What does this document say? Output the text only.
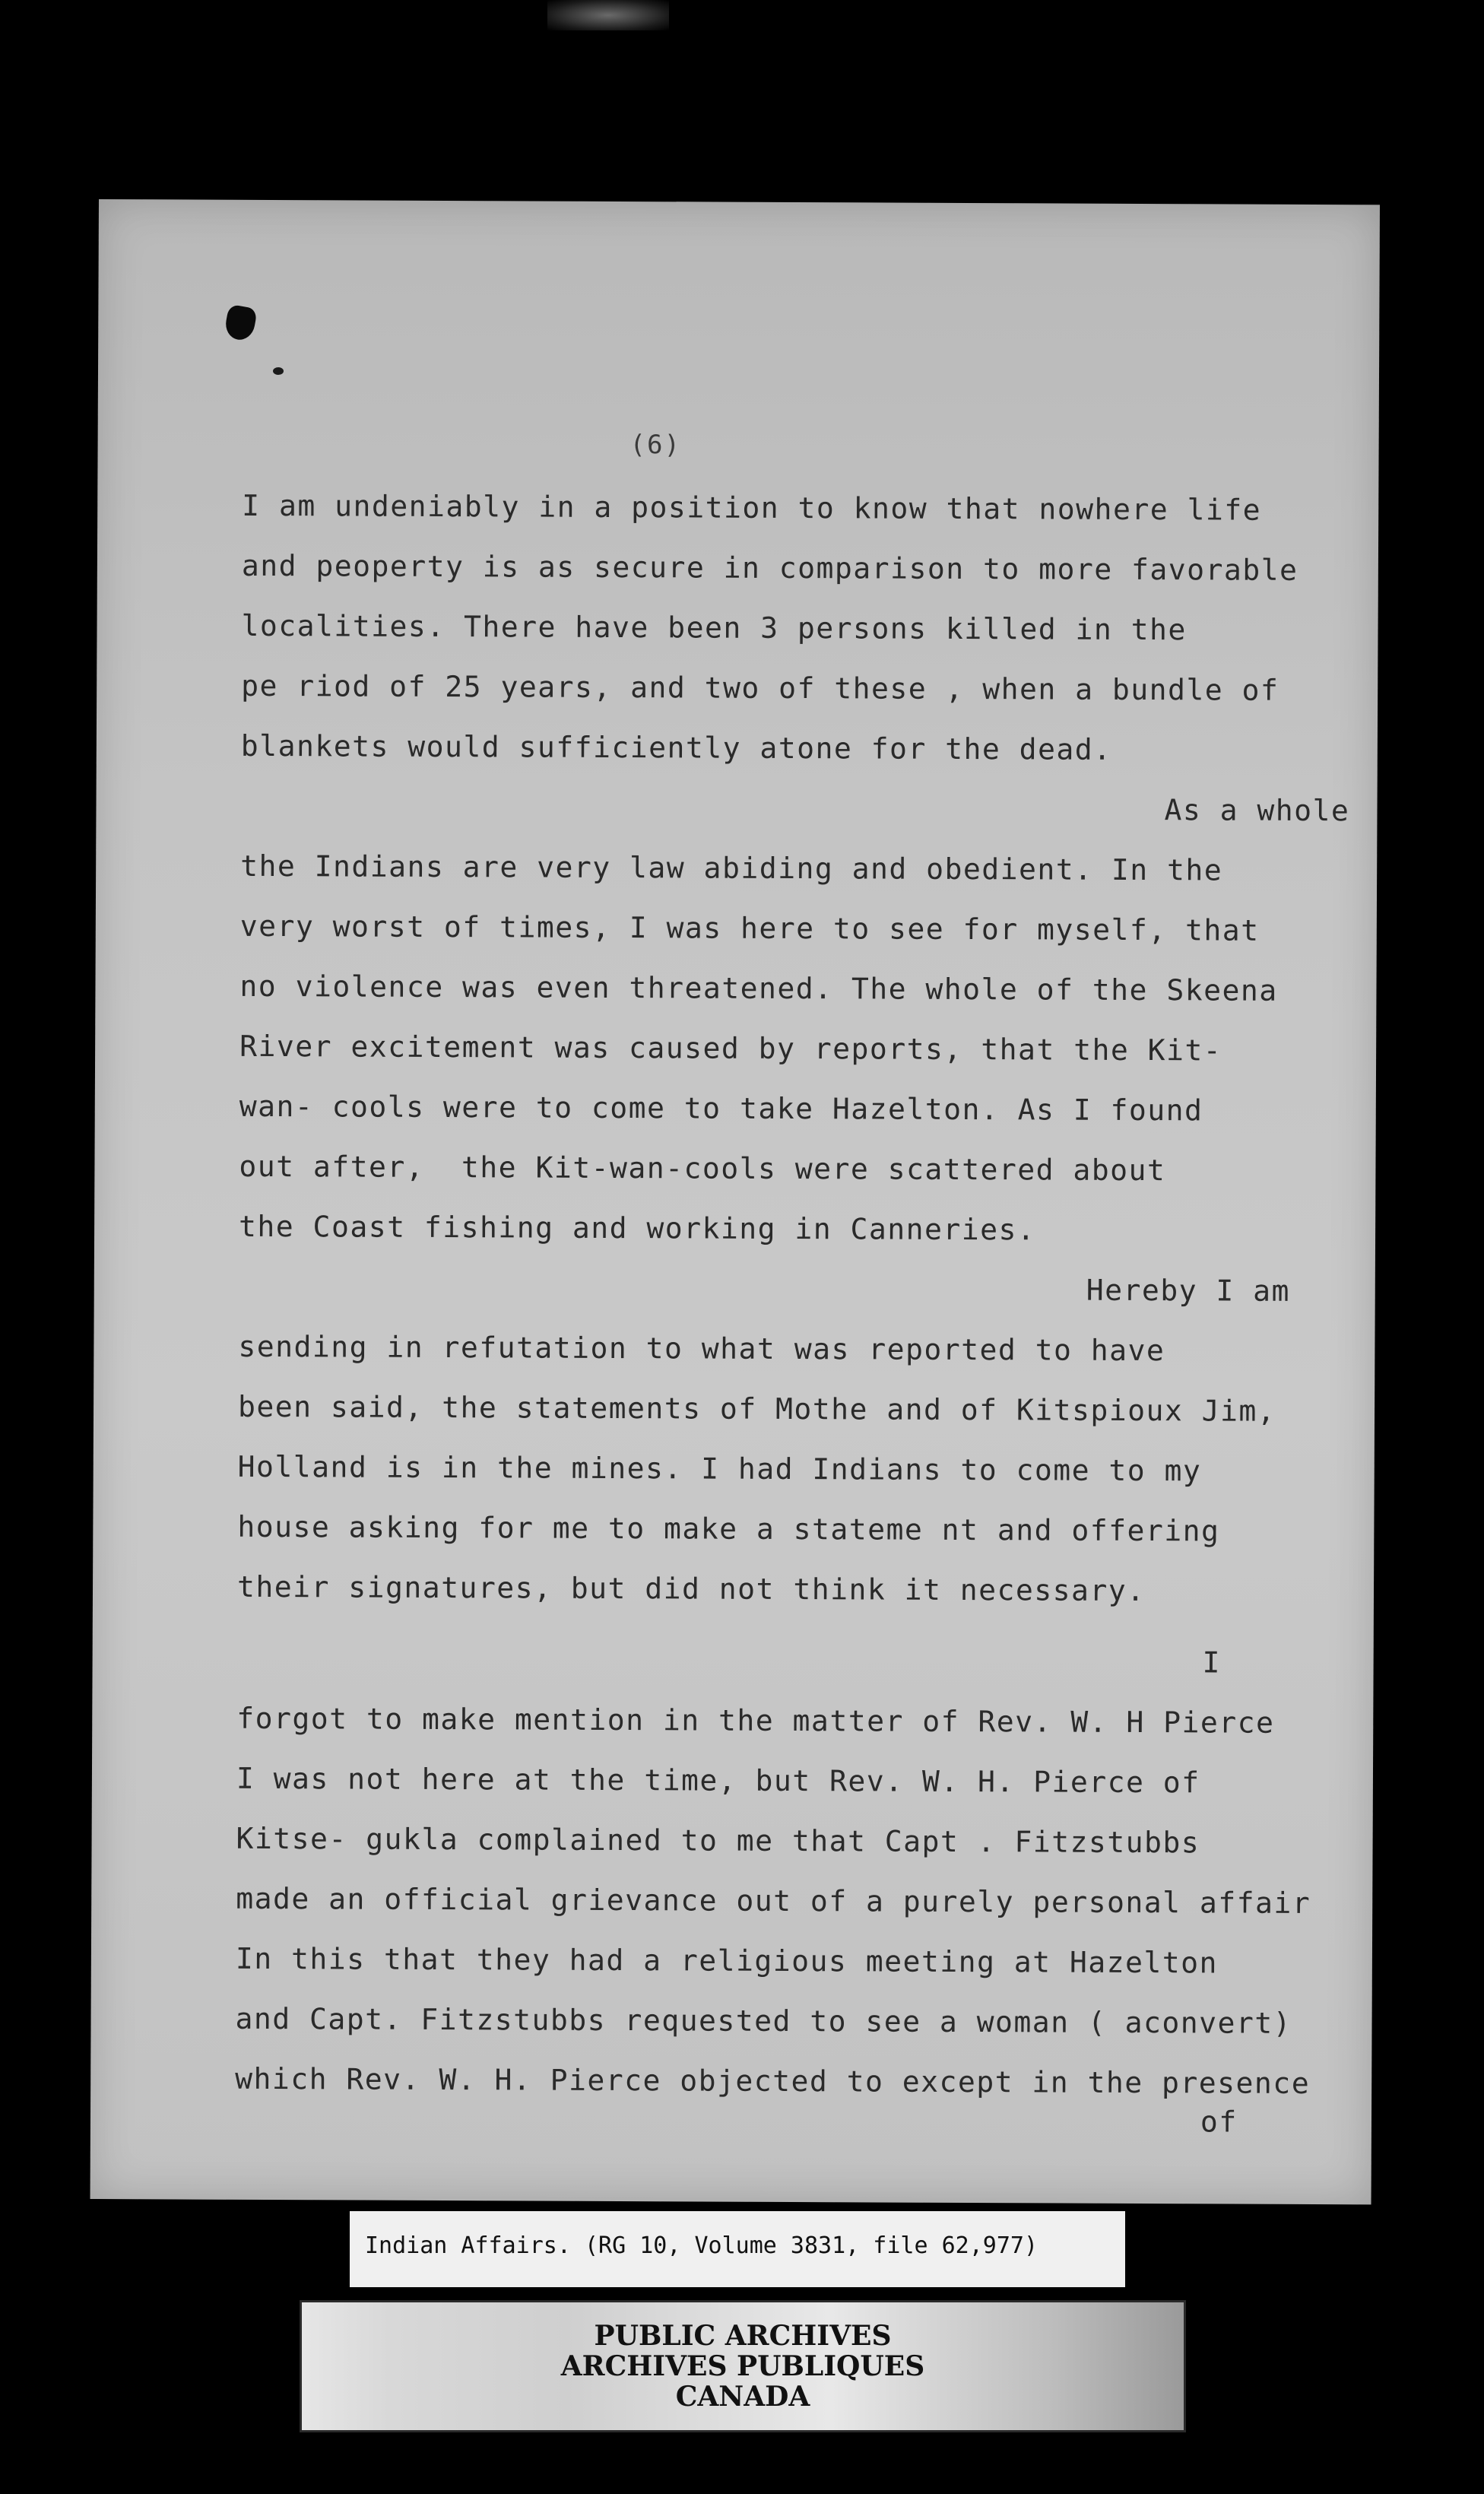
(6)
I am undeniably in a position to know that nowhere life
and peoperty is as secure in comparison to more favorable
localities. There have been 3 persons killed in the
pe riod of 25 years, and two of these , when a bundle of
blankets would sufficiently atone for the dead.
As a whole
the Indians are very law abiding and obedient. In the
very worst of times, I was here to see for myself, that
no violence was even threatened. The whole of the Skeena
River excitement was caused by reports, that the Kit-
wan- cools were to come to take Hazelton. As I found
out after,  the Kit-wan-cools were scattered about
the Coast fishing and working in Canneries.
Hereby I am
sending in refutation to what was reported to have
been said, the statements of Mothe and of Kitspioux Jim,
Holland is in the mines. I had Indians to come to my
house asking for me to make a stateme nt and offering
their signatures, but did not think it necessary.
I
forgot to make mention in the matter of Rev. W. H Pierce
I was not here at the time, but Rev. W. H. Pierce of
Kitse- gukla complained to me that Capt . Fitzstubbs
made an official grievance out of a purely personal affair
In this that they had a religious meeting at Hazelton
and Capt. Fitzstubbs requested to see a woman ( aconvert)
which Rev. W. H. Pierce objected to except in the presence
of
Indian Affairs. (RG 10, Volume 3831, file 62,977)
PUBLIC ARCHIVES
ARCHIVES PUBLIQUES
CANADA
